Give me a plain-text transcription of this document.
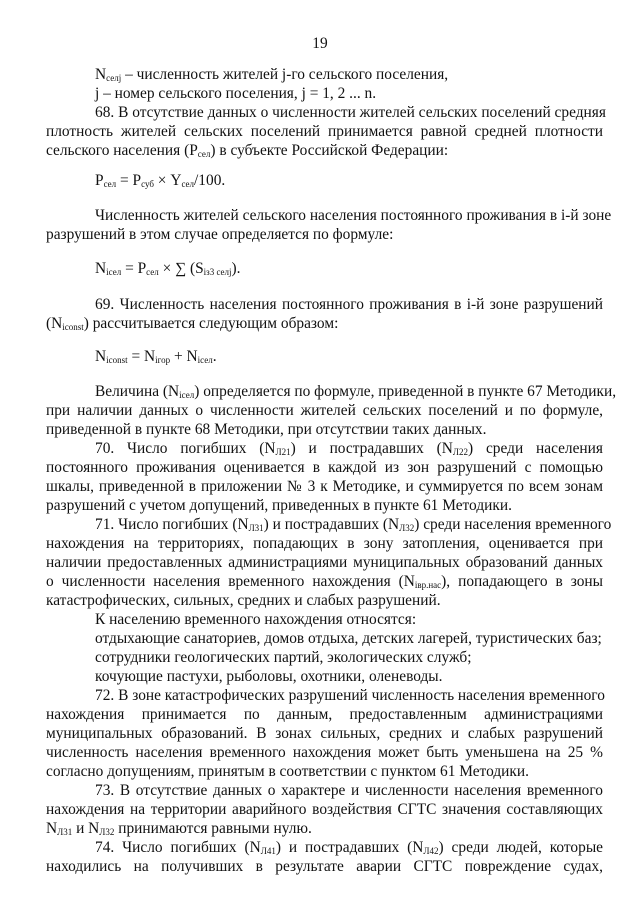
19
$N_{селj}$ – численность жителей j-го сельского поселения,
j – номер сельского поселения, j = 1, 2 ... n.
68. В отсутствие данных о численности жителей сельских поселений средняя
плотность жителей сельских поселений принимается равной средней плотности
сельского населения $(Р_{сел})$ в субъекте Российской Федерации:
$Р_{сел} = Р_{суб} \times Y_{сел}/100$.
Численность жителей сельского населения постоянного проживания в i-й зоне
разрушений в этом случае определяется по формуле:
$N_{iсел} = Р_{сел}$ × ∑ $(S_{iз3 селj})$.
69. Численность населения постоянного проживания в i-й зоне разрушений
$(N_{iconst})$ рассчитывается следующим образом:
$N_{iconst} = N_{iгор} + N_{iсел}$.
Величина $(N_{iсел})$ определяется по формуле, приведенной в пункте 67 Методики,
при наличии данных о численности жителей сельских поселений и по формуле,
приведенной в пункте 68 Методики, при отсутствии таких данных.
70. Число погибших $(N_{Л21})$ и пострадавших $(N_{Л22})$ среди населения
постоянного проживания оценивается в каждой из зон разрушений с помощью
шкалы, приведенной в приложении № 3 к Методике, и суммируется по всем зонам
разрушений с учетом допущений, приведенных в пункте 61 Методики.
71. Число погибших $(N_{Л31})$ и пострадавших $(N_{Л32})$ среди населения временного
нахождения на территориях, попадающих в зону затопления, оценивается при
наличии предоставленных администрациями муниципальных образований данных
о численности населения временного нахождения $(N_{iвр.нас})$, попадающего в зоны
катастрофических, сильных, средних и слабых разрушений.
К населению временного нахождения относятся:
отдыхающие санаториев, домов отдыха, детских лагерей, туристических баз;
сотрудники геологических партий, экологических служб;
кочующие пастухи, рыболовы, охотники, оленеводы.
72. В зоне катастрофических разрушений численность населения временного
нахождения принимается по данным, предоставленным администрациями
муниципальных образований. В зонах сильных, средних и слабых разрушений
численность населения временного нахождения может быть уменьшена на 25 %
согласно допущениям, принятым в соответствии с пунктом 61 Методики.
73. В отсутствие данных о характере и численности населения временного
нахождения на территории аварийного воздействия СГТС значения составляющих
$N_{Л31}$ и $N_{Л32}$ принимаются равными нулю.
74. Число погибших $(N_{Л41})$ и пострадавших $(N_{Л42})$ среди людей, которые
находились на получивших в результате аварии СГТС повреждение судах,
